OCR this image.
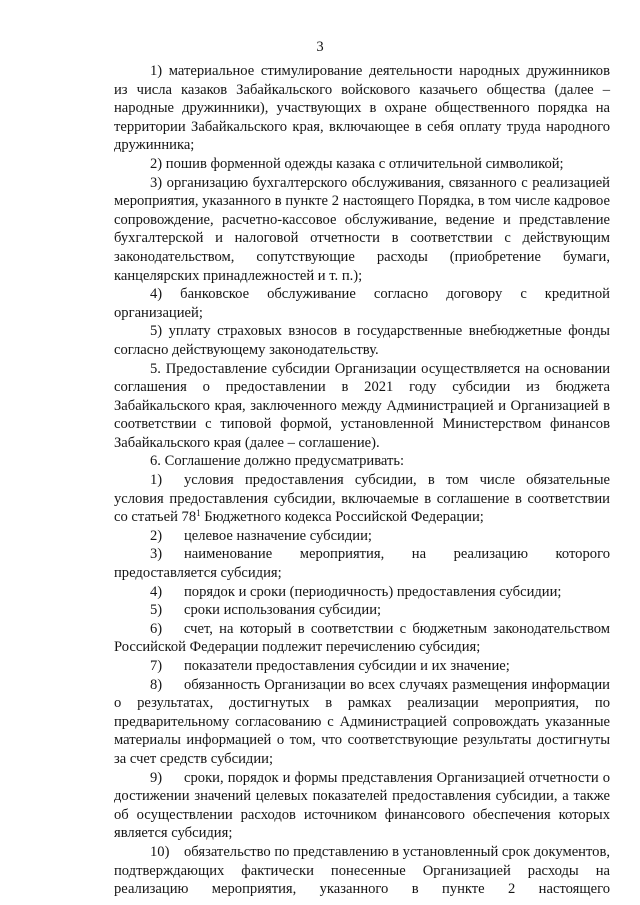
3

1) материальное стимулирование деятельности народных дружинников из числа казаков Забайкальского войскового казачьего общества (далее – народные дружинники), участвующих в охране общественного порядка на территории Забайкальского края, включающее в себя оплату труда народного дружинника;

2) пошив форменной одежды казака с отличительной символикой;

3) организацию бухгалтерского обслуживания, связанного с реализацией мероприятия, указанного в пункте 2 настоящего Порядка, в том числе кадровое сопровождение, расчетно-кассовое обслуживание, ведение и представление бухгалтерской и налоговой отчетности в соответствии с действующим законодательством, сопутствующие расходы (приобретение бумаги, канцелярских принадлежностей и т. п.);

4) банковское обслуживание согласно договору с кредитной организацией;

5) уплату страховых взносов в государственные внебюджетные фонды согласно действующему законодательству.

5. Предоставление субсидии Организации осуществляется на основании соглашения о предоставлении в 2021 году субсидии из бюджета Забайкальского края, заключенного между Администрацией и Организацией в соответствии с типовой формой, установленной Министерством финансов Забайкальского края (далее – соглашение).

6. Соглашение должно предусматривать:

1) условия предоставления субсидии, в том числе обязательные условия предоставления субсидии, включаемые в соглашение в соответствии со статьей $78^1$ Бюджетного кодекса Российской Федерации;

2) целевое назначение субсидии;

3) наименование мероприятия, на реализацию которого предоставляется субсидия;

4) порядок и сроки (периодичность) предоставления субсидии;

5) сроки использования субсидии;

6) счет, на который в соответствии с бюджетным законодательством Российской Федерации подлежит перечислению субсидия;

7) показатели предоставления субсидии и их значение;

8) обязанность Организации во всех случаях размещения информации о результатах, достигнутых в рамках реализации мероприятия, по предварительному согласованию с Администрацией сопровождать указанные материалы информацией о том, что соответствующие результаты достигнуты за счет средств субсидии;

9) сроки, порядок и формы представления Организацией отчетности о достижении значений целевых показателей предоставления субсидии, а также об осуществлении расходов источником финансового обеспечения которых является субсидия;

10) обязательство по представлению в установленный срок документов, подтверждающих фактически понесенные Организацией расходы на реализацию мероприятия, указанного в пункте 2 настоящего
